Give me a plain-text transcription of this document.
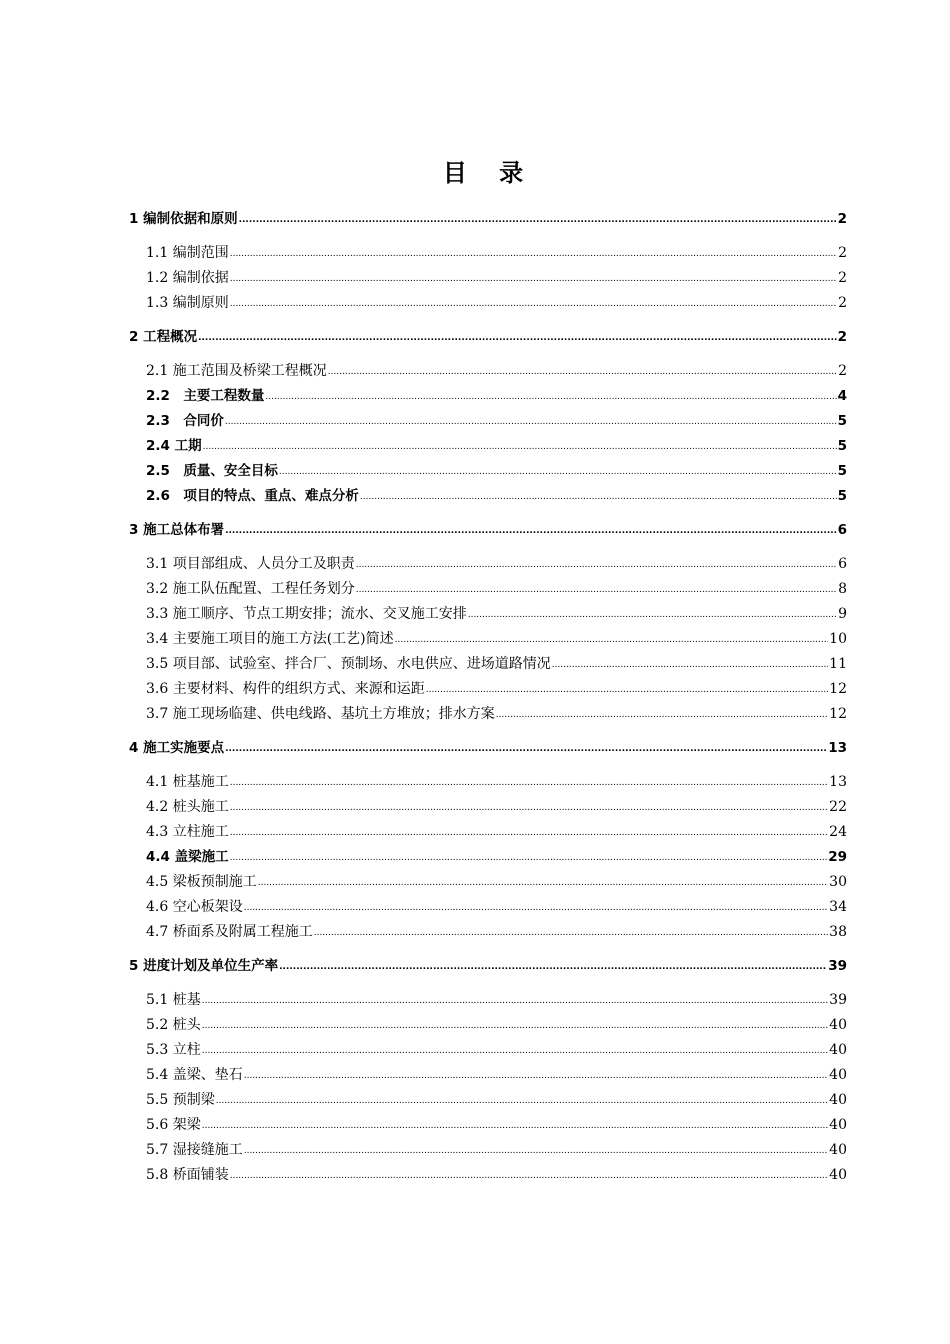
目 录
1 编制依据和原则 .....	2
1.1 编制范围 .....	2
1.2 编制依据 .....	2
1.3 编制原则 .....	2
2 工程概况 .....	2
2.1 施工范围及桥梁工程概况 .....	2
2.2　主要工程数量 .....	4
2.3　合同价 .....	5
2.4 工期 .....	5
2.5　质量、安全目标 .....	5
2.6　项目的特点、重点、难点分析 .....	5
3 施工总体布署 .....	6
3.1 项目部组成、人员分工及职责 .....	6
3.2 施工队伍配置、工程任务划分 .....	8
3.3 施工顺序、节点工期安排；流水、交叉施工安排 .....	9
3.4 主要施工项目的施工方法(工艺)简述 .....	10
3.5 项目部、试验室、拌合厂、预制场、水电供应、进场道路情况 .....	11
3.6 主要材料、构件的组织方式、来源和运距 .....	12
3.7 施工现场临建、供电线路、基坑土方堆放；排水方案 .....	12
4 施工实施要点 .....	13
4.1 桩基施工 .....	13
4.2 桩头施工 .....	22
4.3 立柱施工 .....	24
4.4 盖梁施工 .....	29
4.5 梁板预制施工 .....	30
4.6 空心板架设 .....	34
4.7 桥面系及附属工程施工 .....	38
5 进度计划及单位生产率 .....	39
5.1 桩基 .....	39
5.2 桩头 .....	40
5.3 立柱 .....	40
5.4 盖梁、垫石 .....	40
5.5 预制梁 .....	40
5.6 架梁 .....	40
5.7 湿接缝施工 .....	40
5.8 桥面铺装 .....	40
